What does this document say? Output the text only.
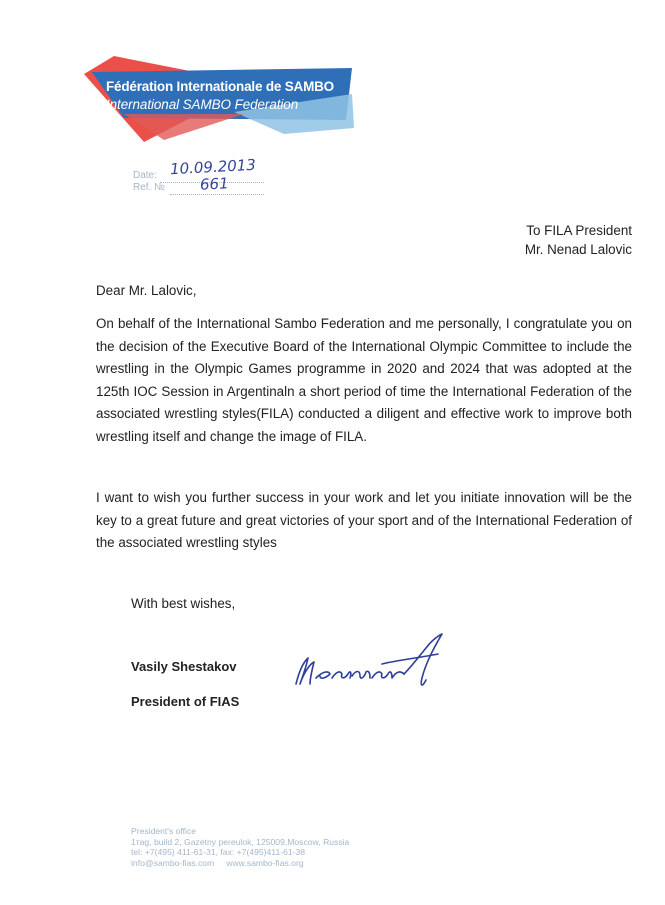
Fédération Internationale de SAMBO
International SAMBO Federation
Date: 10.09.2013
Ref. № 661
To FILA President
Mr. Nenad Lalovic
Dear Mr. Lalovic,

On behalf of the International Sambo Federation and me personally, I congratulate you on the decision of the Executive Board of the International Olympic Committee to include the wrestling in the Olympic Games programme in 2020 and 2024 that was adopted at the 125th IOC Session in Argentinaln a short period of time the International Federation of the associated wrestling styles(FILA) conducted a diligent and effective work to improve both wrestling itself and change the image of FILA.

I want to wish you further success in your work and let you initiate innovation will be the key to a great future and great victories of your sport and of the International Federation of the associated wrestling styles

With best wishes,
Vasily Shestakov
President of FIAS
President's office
1таg, build 2, Gazetny pereulok, 125009,Moscow, Russia
tel: +7(495) 411-61-31, fax: +7(495)411-61-38
info@sambo-fias.com www.sambo-fias.org
